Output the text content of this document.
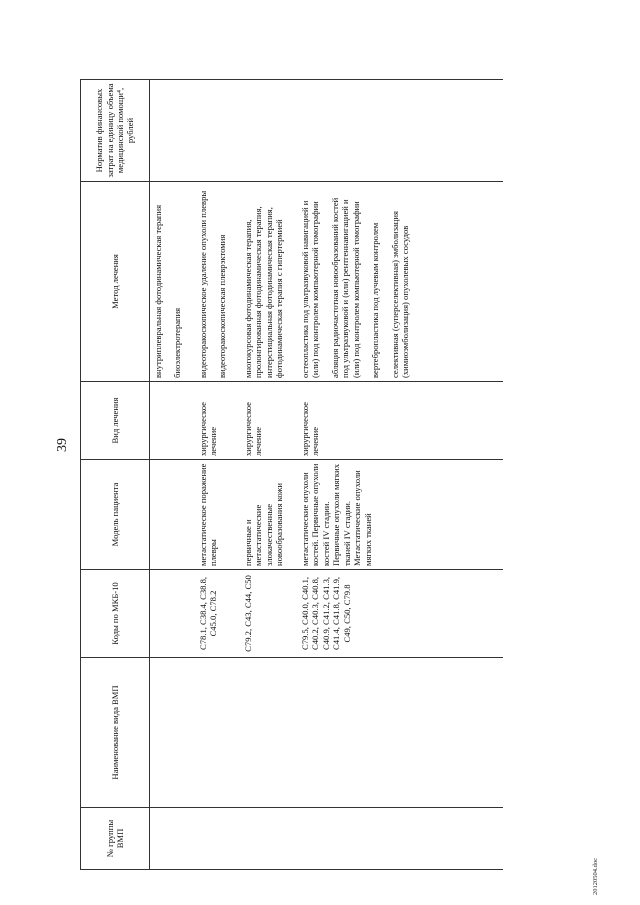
39
№ группы ВМП	Наименование вида ВМП	Коды по МКБ-10	Модель пациента	Вид лечения	Метод лечения	Норматив финансовых затрат на единицу объема медицинской помощи⁴, рублей

					внутриплевральная фотодинамическая терапия биоэлектротерапия	

		C78.1, C38.4, C38.8, C45.0, C78.2	метастатическое поражение плевры	хирургическое лечение	видеоторакоскопическое удаление опухоли плевры видеоторакоскопическая плеврэктомия	

		C79.2, C43, C44, C50	первичные и метастатические злокачественные новообразования кожи	хирургическое лечение	многокурсовая фотодинамическая терапия, пролонгированная фотодинамическая терапия, интерстициальная фотодинамическая терапия, фотодинамическая терапия с гипертермией	

		C79.5, C40.0, C40.1, C40.2, C40.3, C40.8, C40.9, C41.2, C41.3, C41.4, C41.8, C41.9, C49, C50, C79.8	метастатические опухоли костей. Первичные опухоли костей IV стадии. Первичные опухоли мягких тканей IV стадии. Метастатические опухоли мягких тканей	хирургическое лечение	остеопластика под ультразвуковой навигацией и (или) под контролем компьютерной томографии абляция радиочастотная новообразований костей под ультразвуковой и (или) рентгеннавигацией и (или) под контролем компьютерной томографии вертебропластика под лучевым контролем селективная (суперселективная) эмболизация (химиоэмболизация) опухолевых сосудов	

20120504.doc
